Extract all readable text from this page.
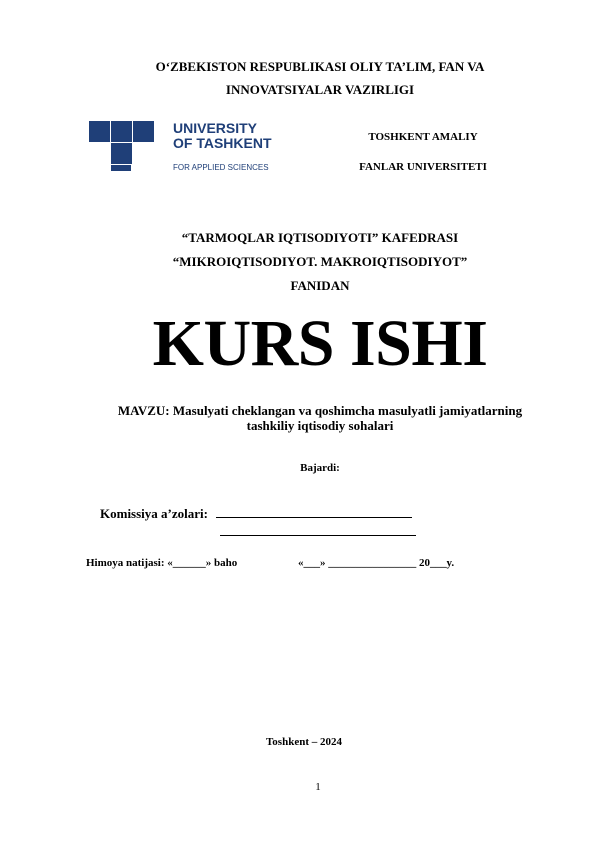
O‘ZBEKISTON RESPUBLIKASI OLIY TA’LIM, FAN VA
INNOVATSIYALAR VAZIRLIGI
UNIVERSITY
OF TASHKENT
FOR APPLIED SCIENCES
TOSHKENT AMALIY
FANLAR UNIVERSITETI
“TARMOQLAR IQTISODIYOTI” KAFEDRASI
“MIKROIQTISODIYOT. MAKROIQTISODIYOT”
FANIDAN
KURS ISHI
MAVZU: Masulyati cheklangan va qoshimcha masulyatli jamiyatlarning
tashkiliy iqtisodiy sohalari
Bajardi:
Komissiya a’zolari:
Himoya natijasi: «______» baho	«___» ________________ 20___y.
Toshkent – 2024
1
